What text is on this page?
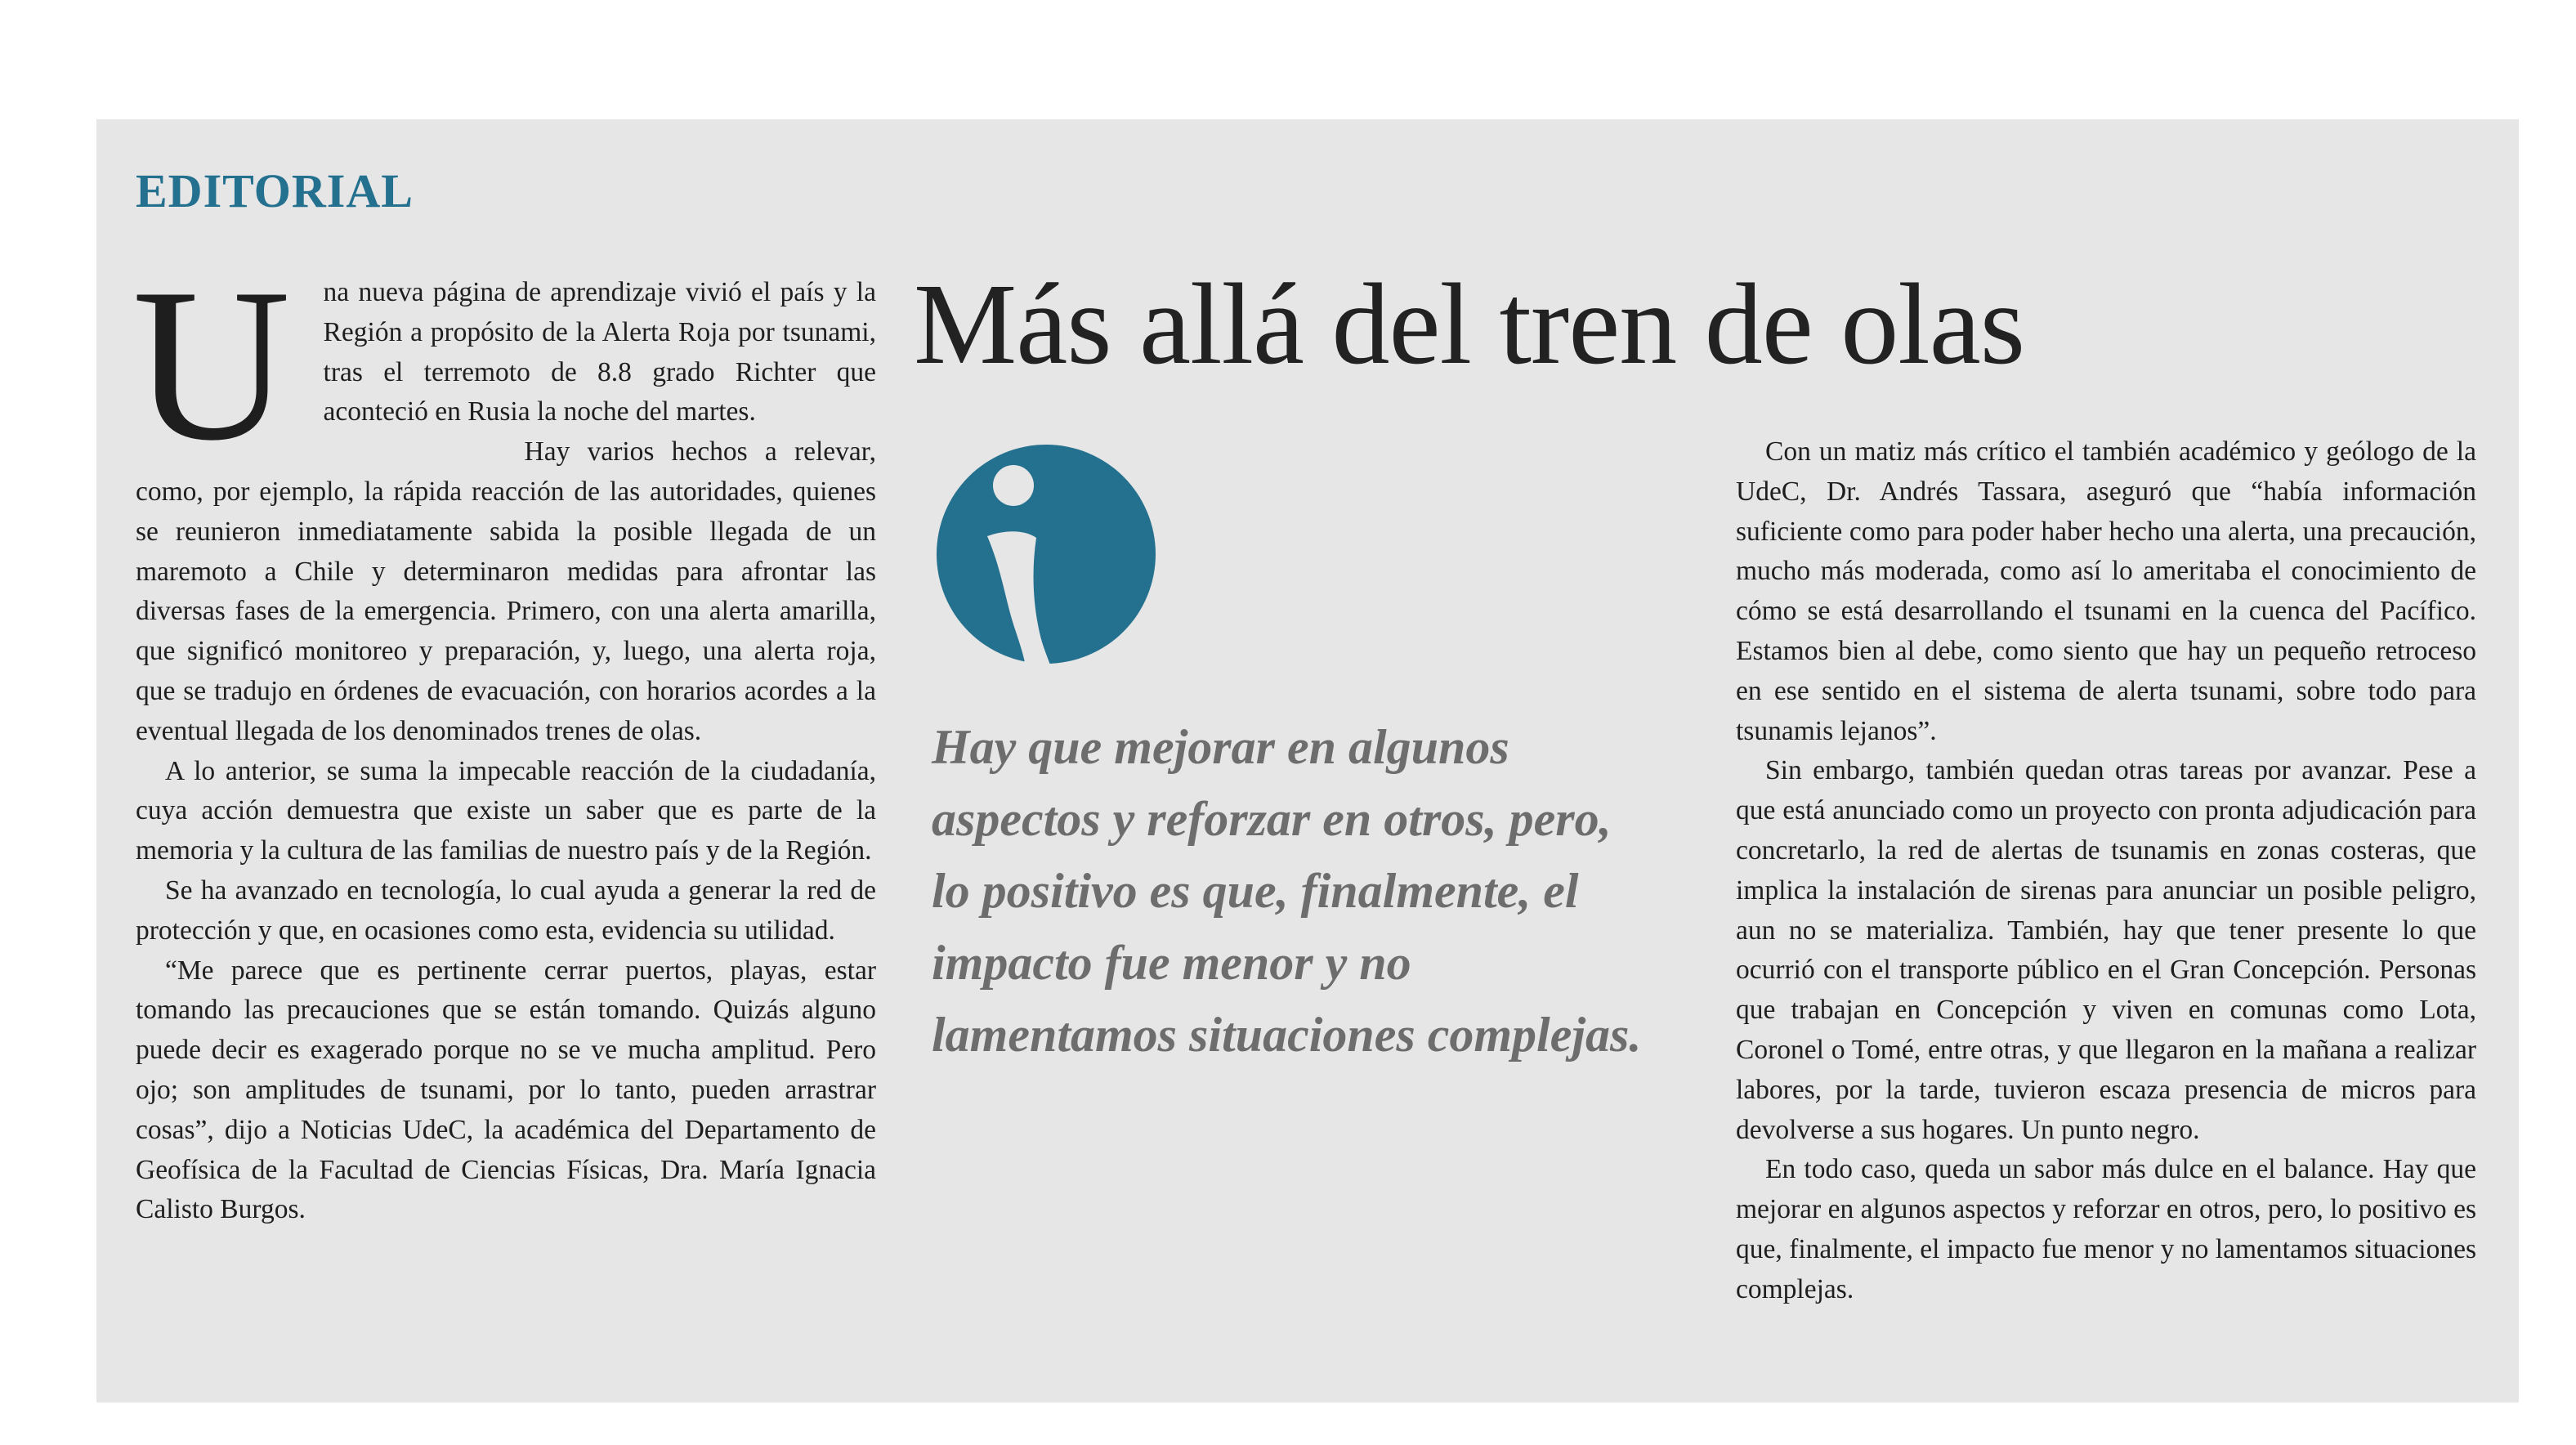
EDITORIAL

U na nueva página de aprendizaje vivió el país y la Región a propósito de la Alerta Roja por tsunami, tras el terremoto de 8.8 grado Richter que aconteció en Rusia la noche del martes.

Hay varios hechos a relevar, como, por ejemplo, la rápida reacción de las autoridades, quienes se reunieron inmediatamente sabida la posible llegada de un maremoto a Chile y determinaron medidas para afrontar las diversas fases de la emergencia. Primero, con una alerta amarilla, que significó monitoreo y preparación, y, luego, una alerta roja, que se tradujo en órdenes de evacuación, con horarios acordes a la eventual llegada de los denominados trenes de olas.

A lo anterior, se suma la impecable reacción de la ciudadanía, cuya acción demuestra que existe un saber que es parte de la memoria y la cultura de las familias de nuestro país y de la Región.

Se ha avanzado en tecnología, lo cual ayuda a generar la red de protección y que, en ocasiones como esta, evidencia su utilidad.

“Me parece que es pertinente cerrar puertos, playas, estar tomando las precauciones que se están tomando. Quizás alguno puede decir es exagerado porque no se ve mucha amplitud. Pero ojo; son amplitudes de tsunami, por lo tanto, pueden arrastrar cosas”, dijo a Noticias UdeC, la académica del Departamento de Geofísica de la Facultad de Ciencias Físicas, Dra. María Ignacia Calisto Burgos.

Más allá del tren de olas

Hay que mejorar en algunos aspectos y reforzar en otros, pero, lo positivo es que, finalmente, el impacto fue menor y no lamentamos situaciones complejas.

Con un matiz más crítico el también académico y geólogo de la UdeC, Dr. Andrés Tassara, aseguró que “había información suficiente como para poder haber hecho una alerta, una precaución, mucho más moderada, como así lo ameritaba el conocimiento de cómo se está desarrollando el tsunami en la cuenca del Pacífico. Estamos bien al debe, como siento que hay un pequeño retroceso en ese sentido en el sistema de alerta tsunami, sobre todo para tsunamis lejanos”.

Sin embargo, también quedan otras tareas por avanzar. Pese a que está anunciado como un proyecto con pronta adjudicación para concretarlo, la red de alertas de tsunamis en zonas costeras, que implica la instalación de sirenas para anunciar un posible peligro, aun no se materializa. También, hay que tener presente lo que ocurrió con el transporte público en el Gran Concepción. Personas que trabajan en Concepción y viven en comunas como Lota, Coronel o Tomé, entre otras, y que llegaron en la mañana a realizar labores, por la tarde, tuvieron escaza presencia de micros para devolverse a sus hogares. Un punto negro.

En todo caso, queda un sabor más dulce en el balance. Hay que mejorar en algunos aspectos y reforzar en otros, pero, lo positivo es que, finalmente, el impacto fue menor y no lamentamos situaciones complejas.
